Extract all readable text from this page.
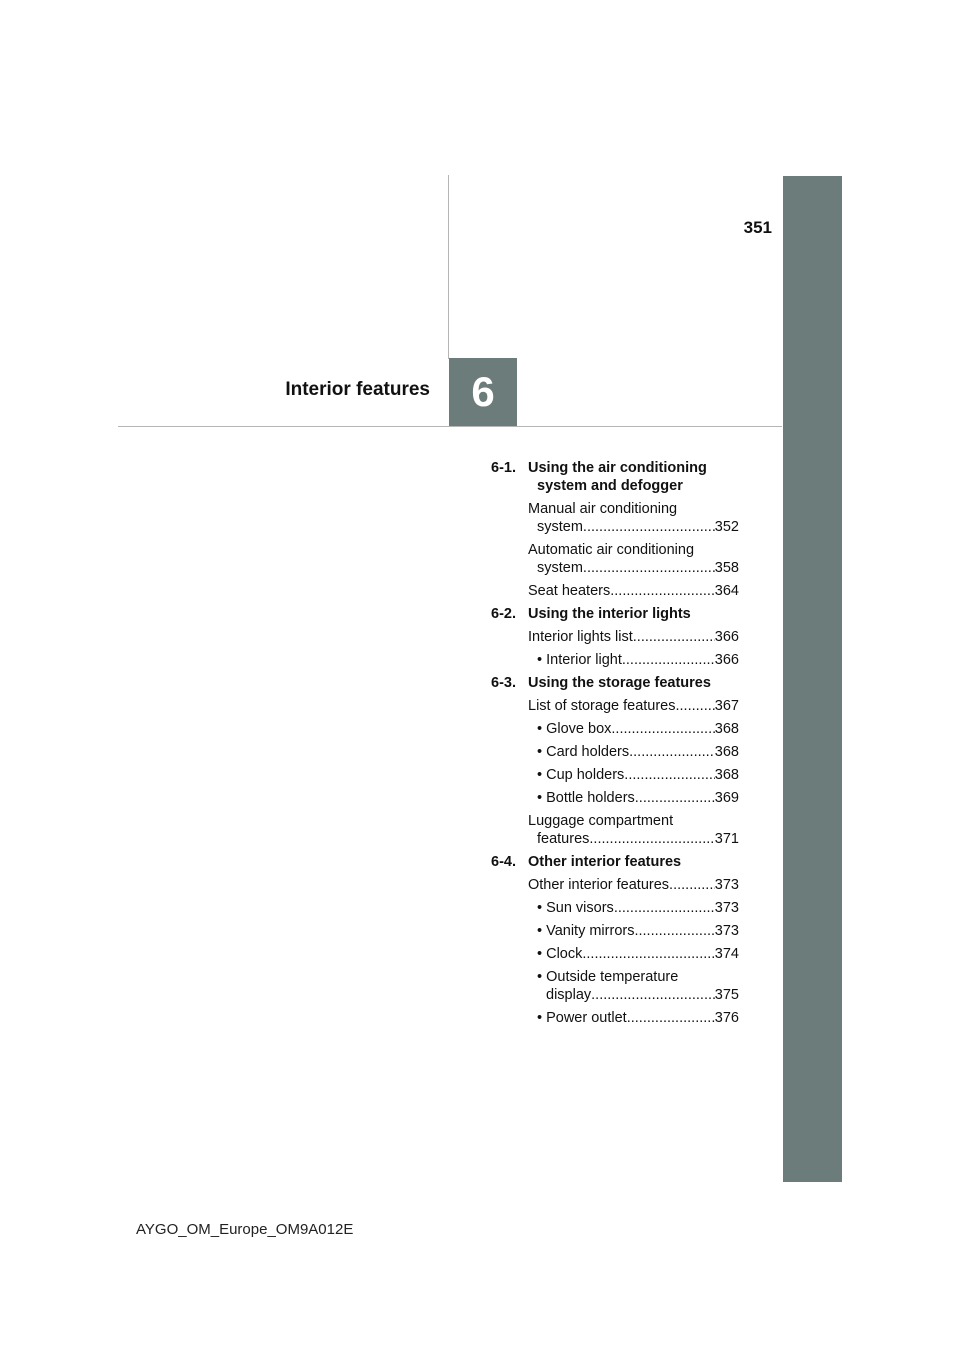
351
Interior features 6
6-1. Using the air conditioning
system and defogger
Manual air conditioning
system .....	352
Automatic air conditioning
system .....	358
Seat heaters .....	364
6-2. Using the interior lights
Interior lights list .....	366
• Interior light .....	366
6-3. Using the storage features
List of storage features .....	367
• Glove box .....	368
• Card holders .....	368
• Cup holders .....	368
• Bottle holders .....	369
Luggage compartment
features .....	371
6-4. Other interior features
Other interior features .....	373
• Sun visors .....	373
• Vanity mirrors .....	373
• Clock .....	374
• Outside temperature
display .....	375
• Power outlet .....	376
AYGO_OM_Europe_OM9A012E
